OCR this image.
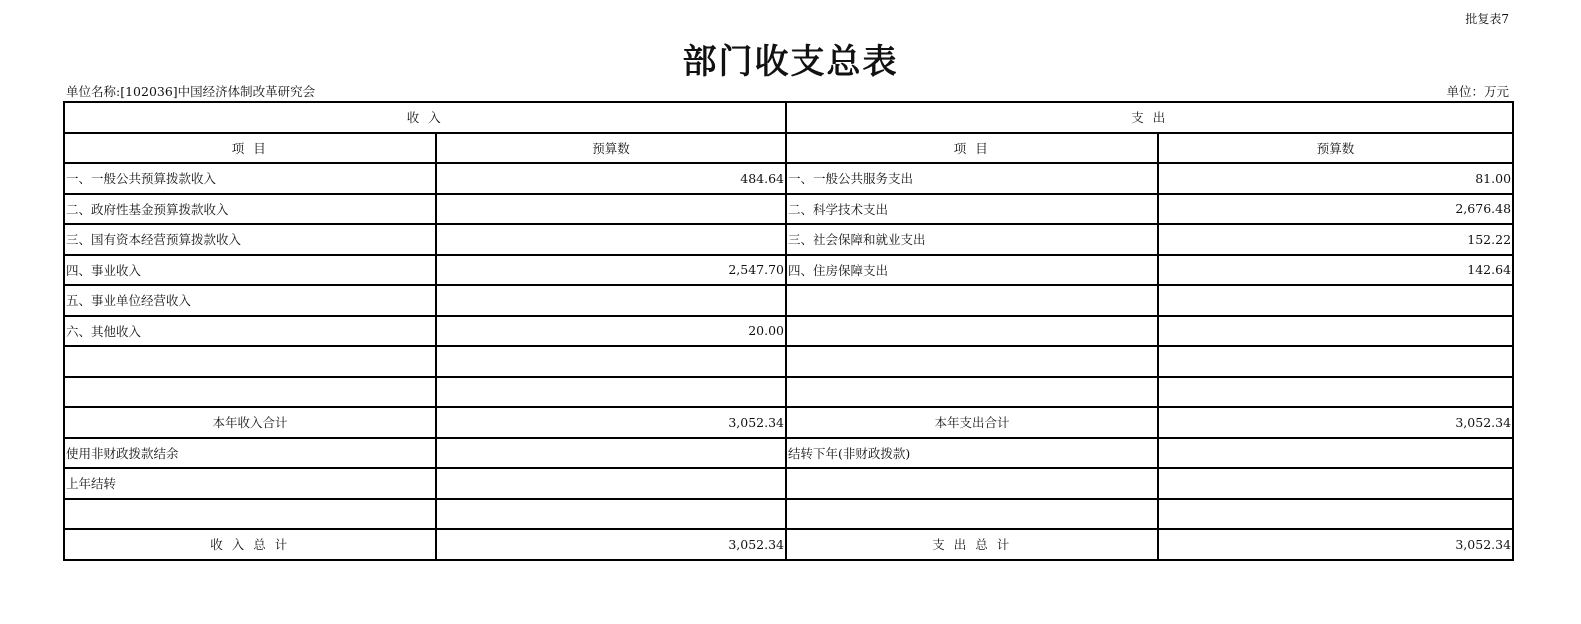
批复表7
部门收支总表
单位名称:[102036]中国经济体制改革研究会	单位：万元
收 入		支 出	
项 目	预算数	项 目	预算数
一、一般公共预算拨款收入	484.64	一、一般公共服务支出	81.00
二、政府性基金预算拨款收入		二、科学技术支出	2,676.48
三、国有资本经营预算拨款收入		三、社会保障和就业支出	152.22
四、事业收入	2,547.70	四、住房保障支出	142.64
五、事业单位经营收入			
六、其他收入	20.00		

本年收入合计	3,052.34	本年支出合计	3,052.34
使用非财政拨款结余		结转下年(非财政拨款)	
上年结转			

收 入 总 计	3,052.34	支 出 总 计	3,052.34
